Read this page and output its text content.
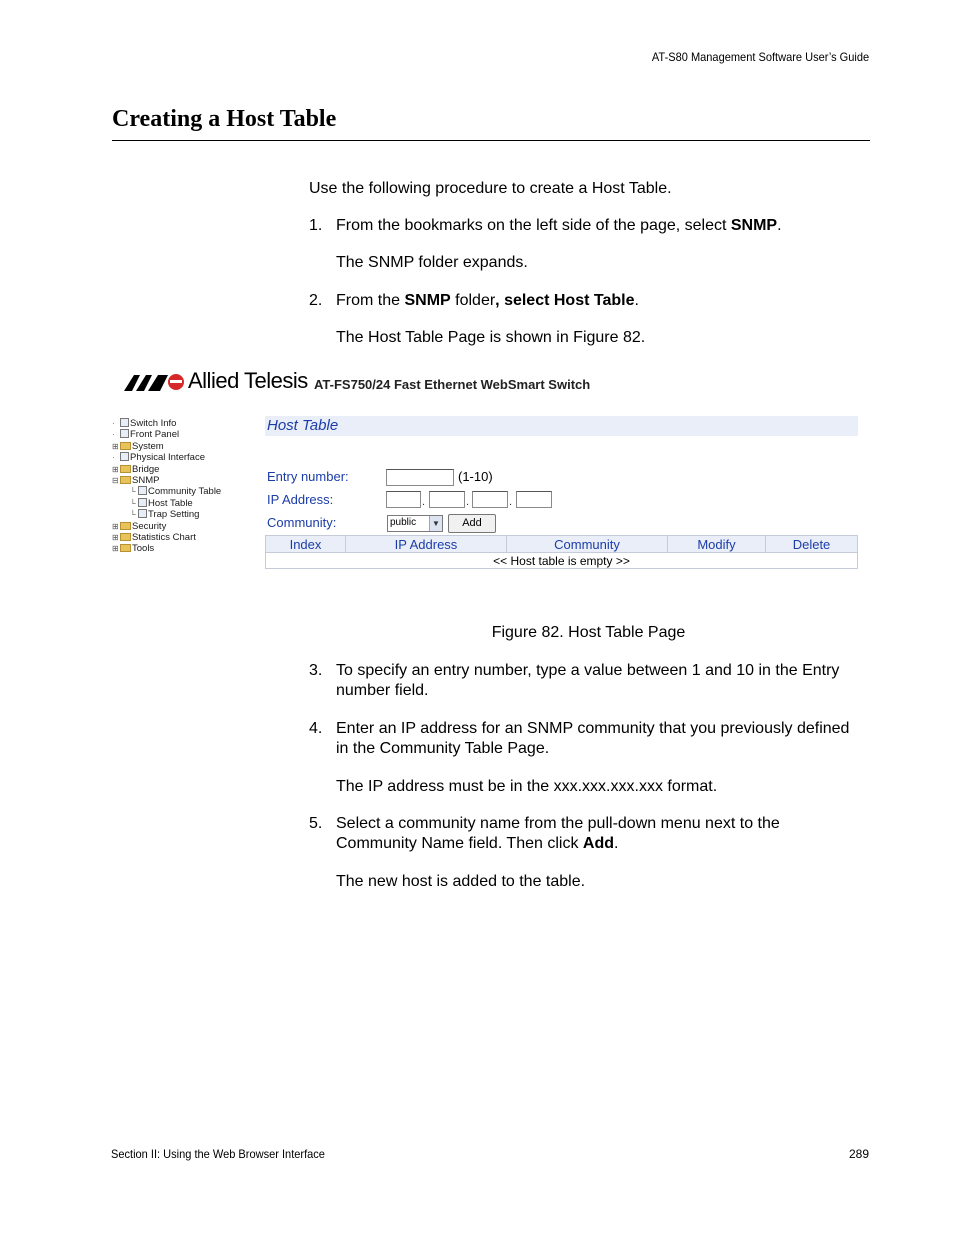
AT-S80 Management Software User’s Guide
Creating a Host Table
Use the following procedure to create a Host Table.
1. From the bookmarks on the left side of the page, select SNMP.
The SNMP folder expands.
2. From the SNMP folder, select Host Table.
The Host Table Page is shown in Figure 82.
Allied Telesis AT-FS750/24 Fast Ethernet WebSmart Switch
· Switch Info
· Front Panel
⊞ System
· Physical Interface
⊞ Bridge
⊟ SNMP
└ Community Table
└ Host Table
└ Trap Setting
⊞ Security
⊞ Statistics Chart
⊞ Tools
Host Table
Entry number:	(1-10)
IP Address:	.	.	.
Community:	public	▼	Add
Index	IP Address	Community	Modify	Delete
<< Host table is empty >>
Figure 82. Host Table Page
3. To specify an entry number, type a value between 1 and 10 in the Entry number field.
4. Enter an IP address for an SNMP community that you previously defined in the Community Table Page.
The IP address must be in the xxx.xxx.xxx.xxx format.
5. Select a community name from the pull-down menu next to the Community Name field. Then click Add.
The new host is added to the table.
Section II: Using the Web Browser Interface	289
